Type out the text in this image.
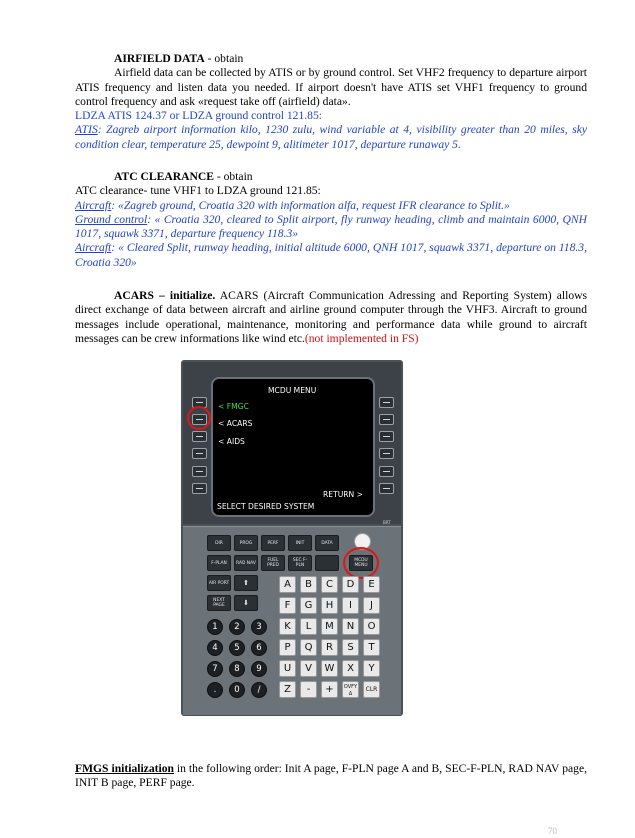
AIRFIELD DATA - obtain

Airfield data can be collected by ATIS or by ground control. Set VHF2 frequency to departure airport ATIS frequency and listen data you needed. If airport doesn't have ATIS set VHF1 frequency to ground control frequency and ask «request take off (airfield) data».

LDZA ATIS 124.37 or LDZA ground control 121.85:

ATIS: Zagreb airport information kilo, 1230 zulu, wind variable at 4, visibility greater than 20 miles, sky condition clear, temperature 25, dewpoint 9, alitimeter 1017, departure runaway 5.

ATC CLEARANCE - obtain

ATC clearance- tune VHF1 to LDZA ground 121.85:

Aircraft: «Zagreb ground, Croatia 320 with information alfa, request IFR clearance to Split.»

Ground control: « Croatia 320, cleared to Split airport, fly runway heading, climb and maintain 6000, QNH 1017, squawk 3371, departure frequency 118.3»

Aircraft: « Cleared Split, runway heading, initial altitude 6000, QNH 1017, squawk 3371, departure on 118.3, Croatia 320»

ACARS – initialize. ACARS (Aircraft Communication Adressing and Reporting System) allows direct exchange of data between aircraft and airline ground computer through the VHF3. Aircraft to ground messages include operational, maintenance, monitoring and performance data while ground to aircraft messages can be crew informations like wind etc.(not implemented in FS)

MCDU MENU
< FMGC
< ACARS
< AIDS
RETURN >
SELECT DESIRED SYSTEM
BRT
DIR	PROG	PERF	INIT	DATA
F-PLAN	RAD NAV	FUEL PRED
SEC F-PLN
MCDU MENU
AIR PORT	⬆
NEXT PAGE	⬇
A	B	C	D	E
F	G	H	I	J
K	L	M	N	O
P	Q	R	S	T
U	V	W	X	Y
Z	-	+	OVFY Δ
CLR
1	2	3
4	5	6
7	8	9
.	0	/

FMGS initialization in the following order: Init A page, F-PLN page A and B, SEC-F-PLN, RAD NAV page, INIT B page, PERF page.

70
